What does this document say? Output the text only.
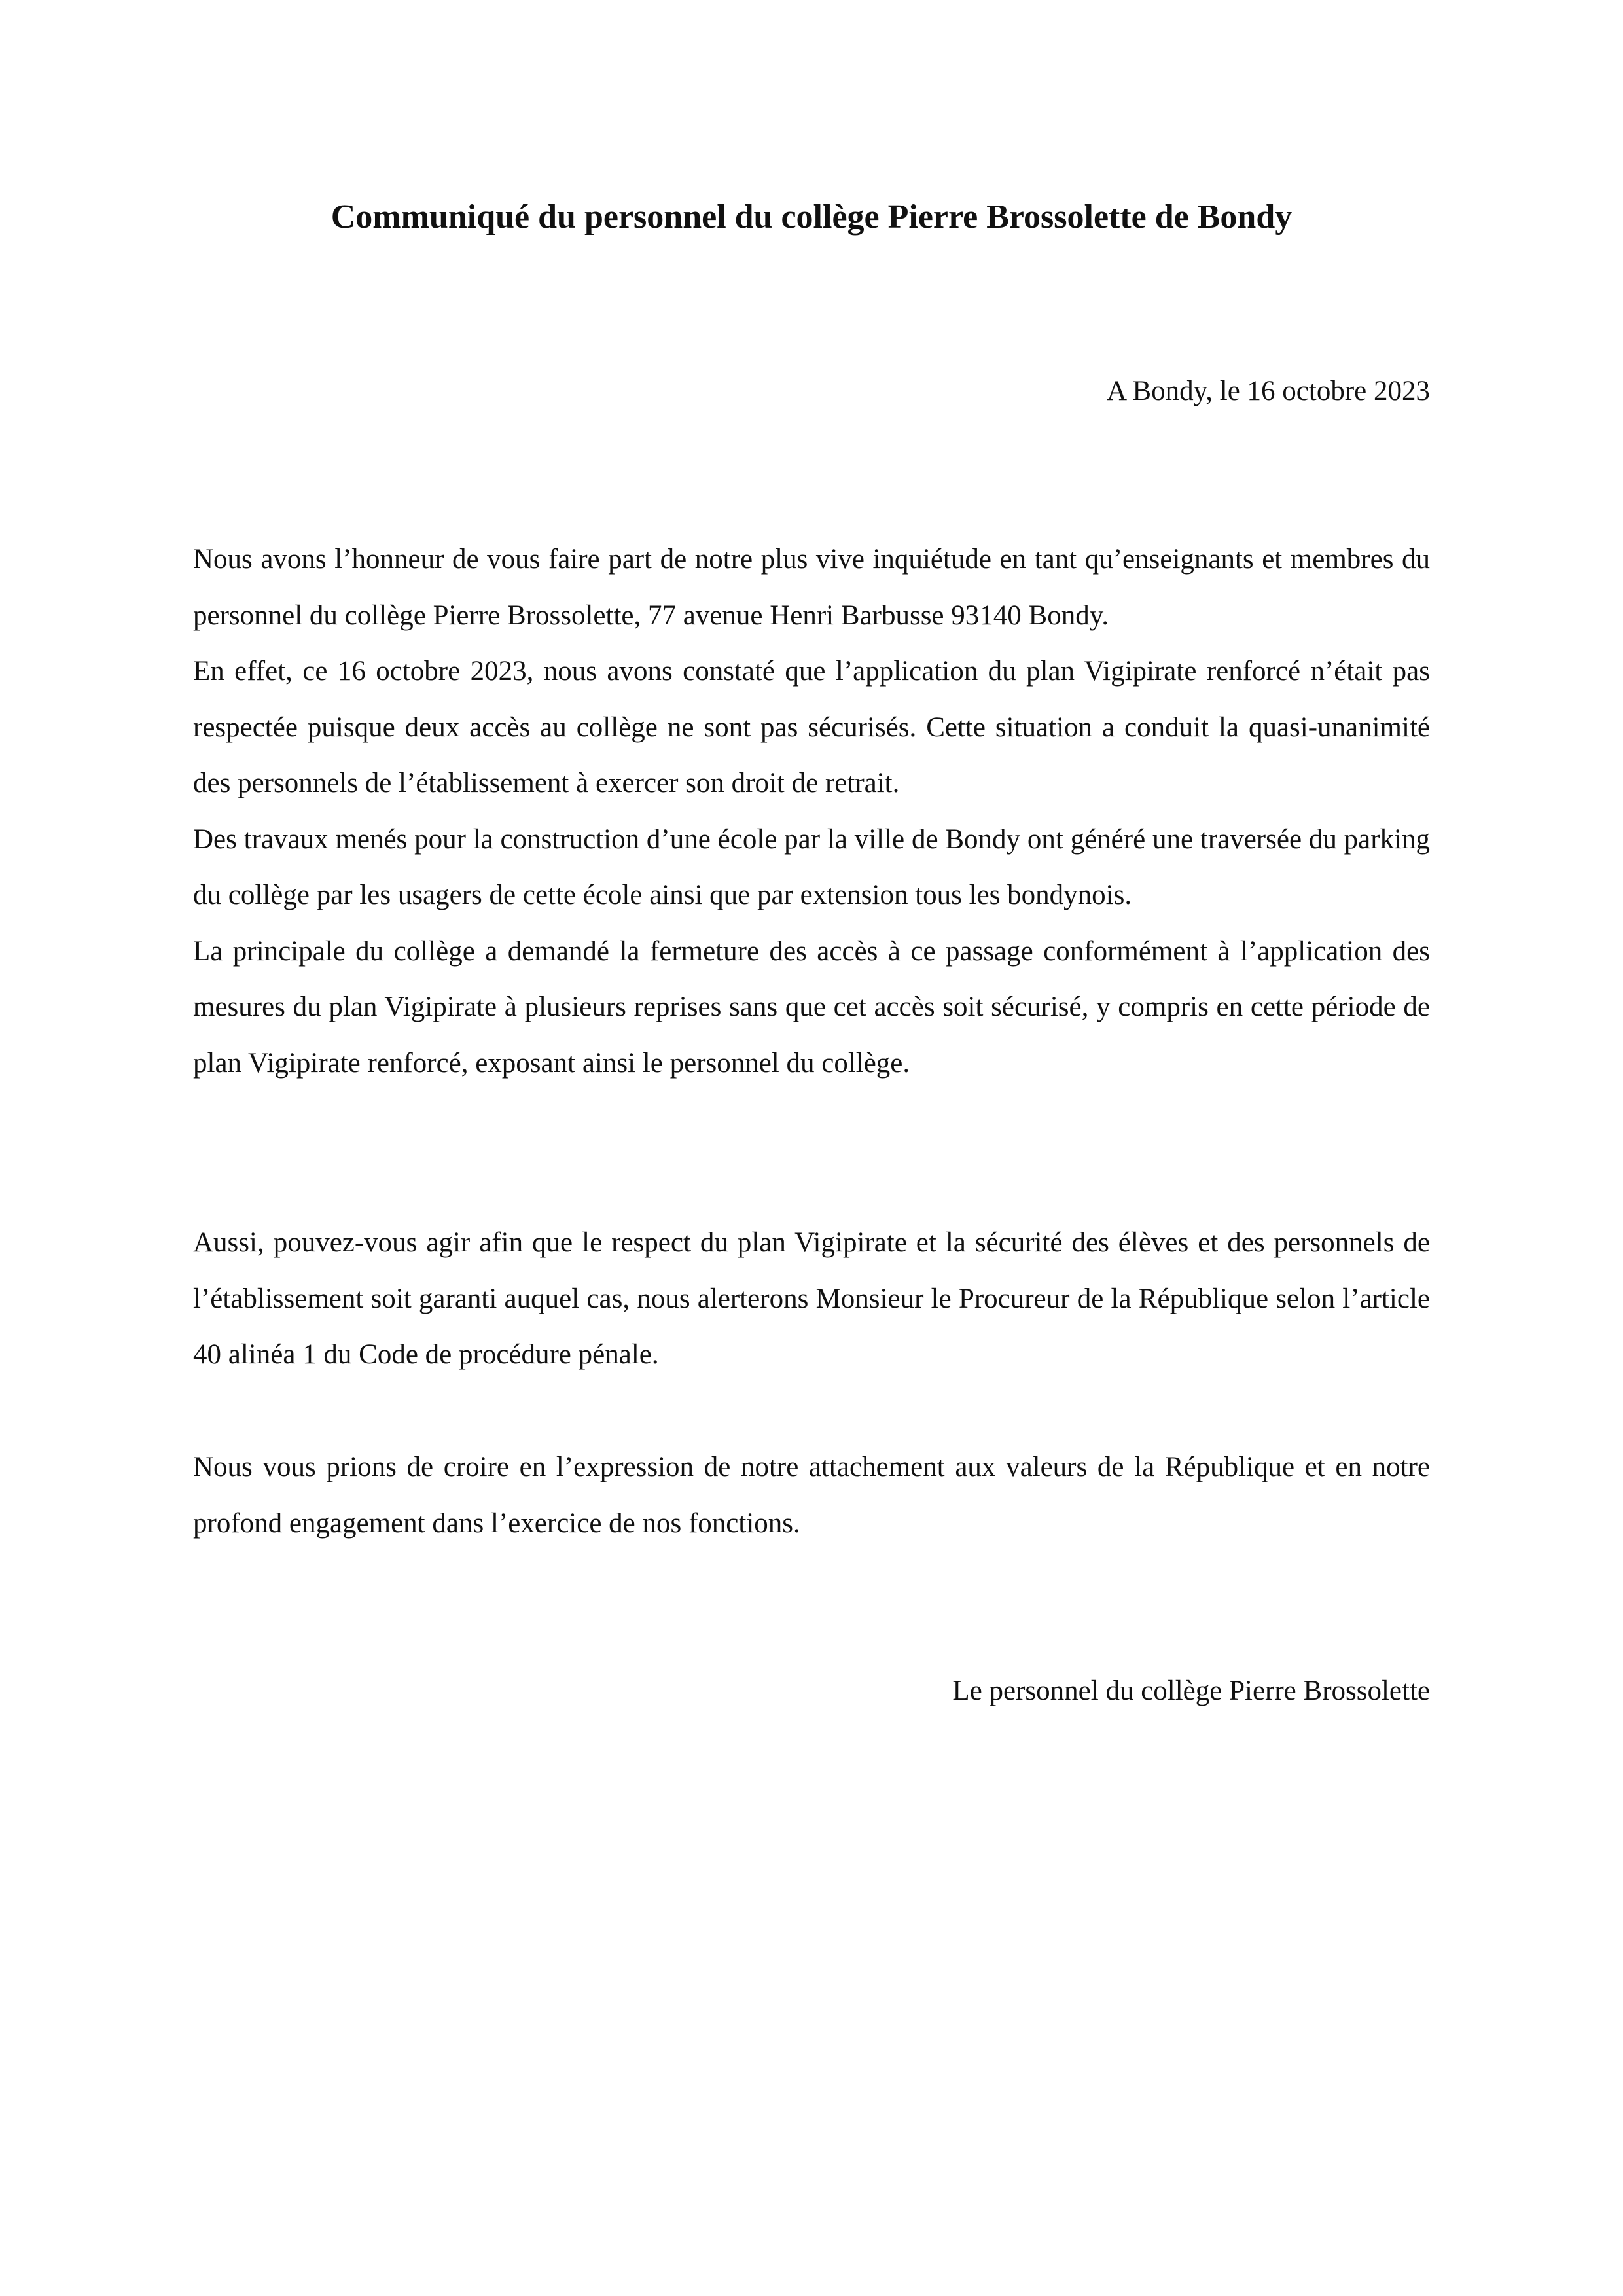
Communiqué du personnel du collège Pierre Brossolette de Bondy

A Bondy, le 16 octobre 2023

Nous avons l’honneur de vous faire part de notre plus vive inquiétude en tant qu’enseignants et membres du personnel du collège Pierre Brossolette, 77 avenue Henri Barbusse 93140 Bondy.

En effet, ce 16 octobre 2023, nous avons constaté que l’application du plan Vigipirate renforcé n’était pas respectée puisque deux accès au collège ne sont pas sécurisés. Cette situation a conduit la quasi-unanimité des personnels de l’établissement à exercer son droit de retrait.

Des travaux menés pour la construction d’une école par la ville de Bondy ont généré une traversée du parking du collège par les usagers de cette école ainsi que par extension tous les bondynois.

La principale du collège a demandé la fermeture des accès à ce passage conformément à l’application des mesures du plan Vigipirate à plusieurs reprises sans que cet accès soit sécurisé, y compris en cette période de plan Vigipirate renforcé, exposant ainsi le personnel du collège.

Aussi, pouvez-vous agir afin que le respect du plan Vigipirate et la sécurité des élèves et des personnels de l’établissement soit garanti auquel cas, nous alerterons Monsieur le Procureur de la République selon l’article 40 alinéa 1 du Code de procédure pénale.

Nous vous prions de croire en l’expression de notre attachement aux valeurs de la République et en notre profond engagement dans l’exercice de nos fonctions.

Le personnel du collège Pierre Brossolette
